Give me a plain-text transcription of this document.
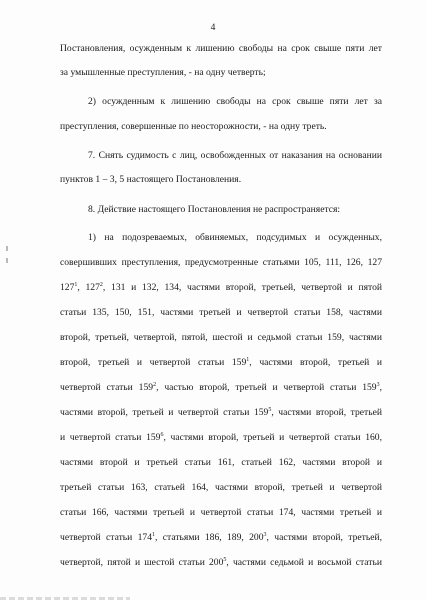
4
Постановления, осужденным к лишению свободы на срок свыше пяти лет
за умышленные преступления, - на одну четверть;
2) осужденным к лишению свободы на срок свыше пяти лет за
преступления, совершенные по неосторожности, - на одну треть.
7. Снять судимость с лиц, освобожденных от наказания на основании
пунктов 1 – 3, 5 настоящего Постановления.
8. Действие настоящего Постановления не распространяется:
1) на подозреваемых, обвиняемых, подсудимых и осужденных,
совершивших преступления, предусмотренные статьями 105, 111, 126, 127
$127^1$, $127^2$, 131 и 132, 134, частями второй, третьей, четвертой и пятой
статьи 135, 150, 151, частями третьей и четвертой статьи 158, частями
второй, третьей, четвертой, пятой, шестой и седьмой статьи 159, частями
второй, третьей и четвертой статьи $159^1$, частями второй, третьей и
четвертой статьи $159^2$, частью второй, третьей и четвертой статьи $159^3$,
частями второй, третьей и четвертой статьи $159^5$, частями второй, третьей
и четвертой статьи $159^6$, частями второй, третьей и четвертой статьи 160,
частями второй и третьей статьи 161, статьей 162, частями второй и
третьей статьи 163, статьей 164, частями второй, третьей и четвертой
статьи 166, частями третьей и четвертой статьи 174, частями третьей и
четвертой статьи $174^1$, статьями 186, 189, $200^3$, частями второй, третьей,
четвертой, пятой и шестой статьи $200^5$, частями седьмой и восьмой статьи
